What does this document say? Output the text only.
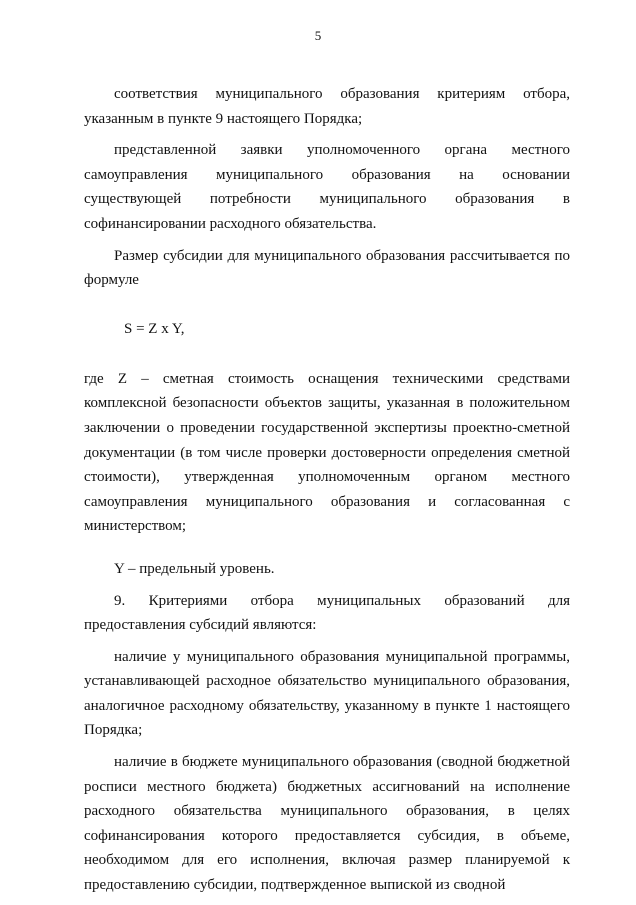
5

соответствия муниципального образования критериям отбора, указанным в пункте 9 настоящего Порядка;

представленной заявки уполномоченного органа местного самоуправления муниципального образования на основании существующей потребности муниципального образования в софинансировании расходного обязательства.

Размер субсидии для муниципального образования рассчитывается по формуле

S = Z x Y,

где Z – сметная стоимость оснащения техническими средствами комплексной безопасности объектов защиты, указанная в положительном заключении о проведении государственной экспертизы проектно-сметной документации (в том числе проверки достоверности определения сметной стоимости), утвержденная уполномоченным органом местного самоуправления муниципального образования и согласованная с министерством;

Y – предельный уровень.

9. Критериями отбора муниципальных образований для предоставления субсидий являются:

наличие у муниципального образования муниципальной программы, устанавливающей расходное обязательство муниципального образования, аналогичное расходному обязательству, указанному в пункте 1 настоящего Порядка;

наличие в бюджете муниципального образования (сводной бюджетной росписи местного бюджета) бюджетных ассигнований на исполнение расходного обязательства муниципального образования, в целях софинансирования которого предоставляется субсидия, в объеме, необходимом для его исполнения, включая размер планируемой к предоставлению субсидии, подтвержденное выпиской из сводной
